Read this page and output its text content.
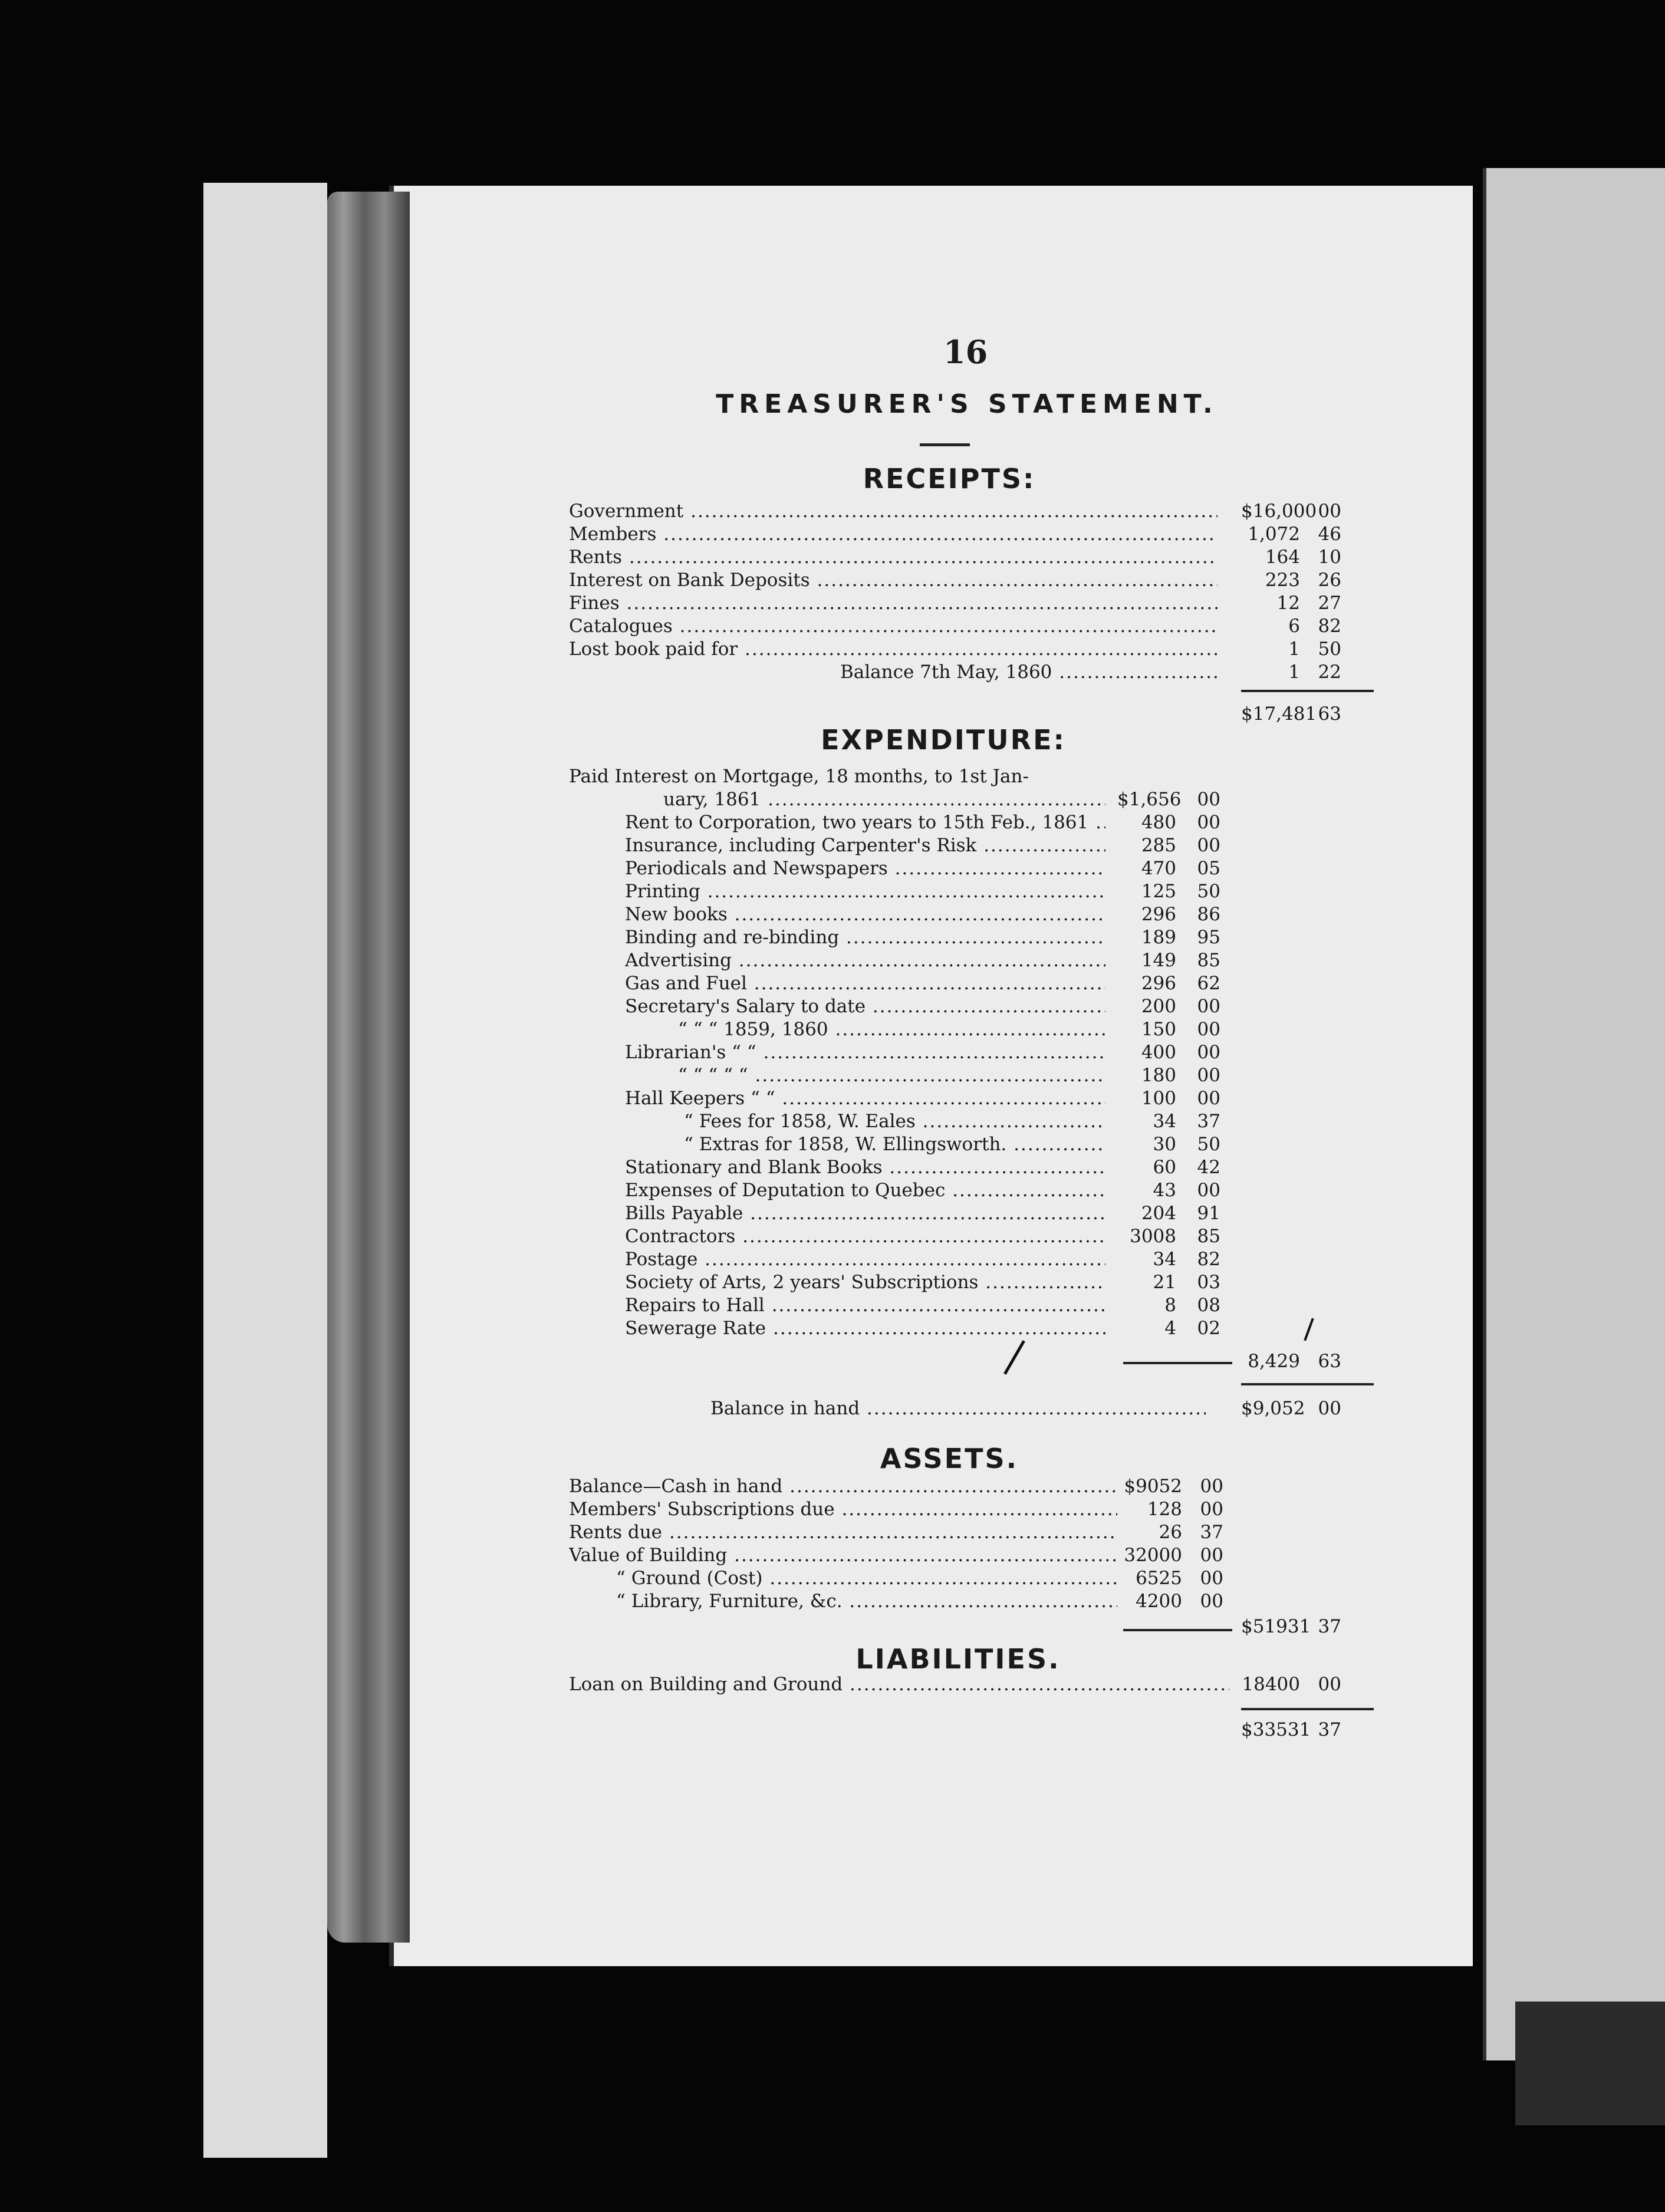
16
TREASURER'S STATEMENT.
RECEIPTS:
Government .....	$16,000 00
Members .....	1,072 46
Rents .....	164 10
Interest on Bank Deposits .....	223 26
Fines .....	12 27
Catalogues .....	6 82
Lost book paid for .....	1 50
Balance 7th May, 1860 .....	1 22
$17,481 63
EXPENDITURE:
Paid Interest on Mortgage, 18 months, to 1st Jan-
uary, 1861 .....	$1,656 00
Rent to Corporation, two years to 15th Feb., 1861 .....	480	00
Insurance, including Carpenter's Risk .....	285	00
Periodicals and Newspapers .....	470	05
Printing .....	125	50
New books .....	296	86
Binding and re-binding .....	189	95
Advertising .....	149	85
Gas and Fuel .....	296	62
Secretary's Salary to date .....	200	00
“ “ “ 1859, 1860 .....	150	00
Librarian's “ “ .....	400	00
“ “ “ “ “ .....	180	00
Hall Keepers “ “ .....	100	00
“ Fees for 1858, W. Eales .....	34	37
“ Extras for 1858, W. Ellingsworth. .....	30	50
Stationary and Blank Books .....	60	42
Expenses of Deputation to Quebec .....	43	00
Bills Payable .....	204	91
Contractors .....	3008	85
Postage .....	34	82
Society of Arts, 2 years' Subscriptions .....	21	03
Repairs to Hall .....	8	08
Sewerage Rate .....	4	02
8,429 63
Balance in hand .....	$9,052 00
ASSETS.
Balance—Cash in hand .....	$9052 00
Members' Subscriptions due .....	128 00
Rents due .....	26 37
Value of Building .....	32000 00
“ Ground (Cost) .....	6525 00
“ Library, Furniture, &c. .....	4200 00
$51931 37
LIABILITIES.
Loan on Building and Ground .....	18400 00
$33531 37
